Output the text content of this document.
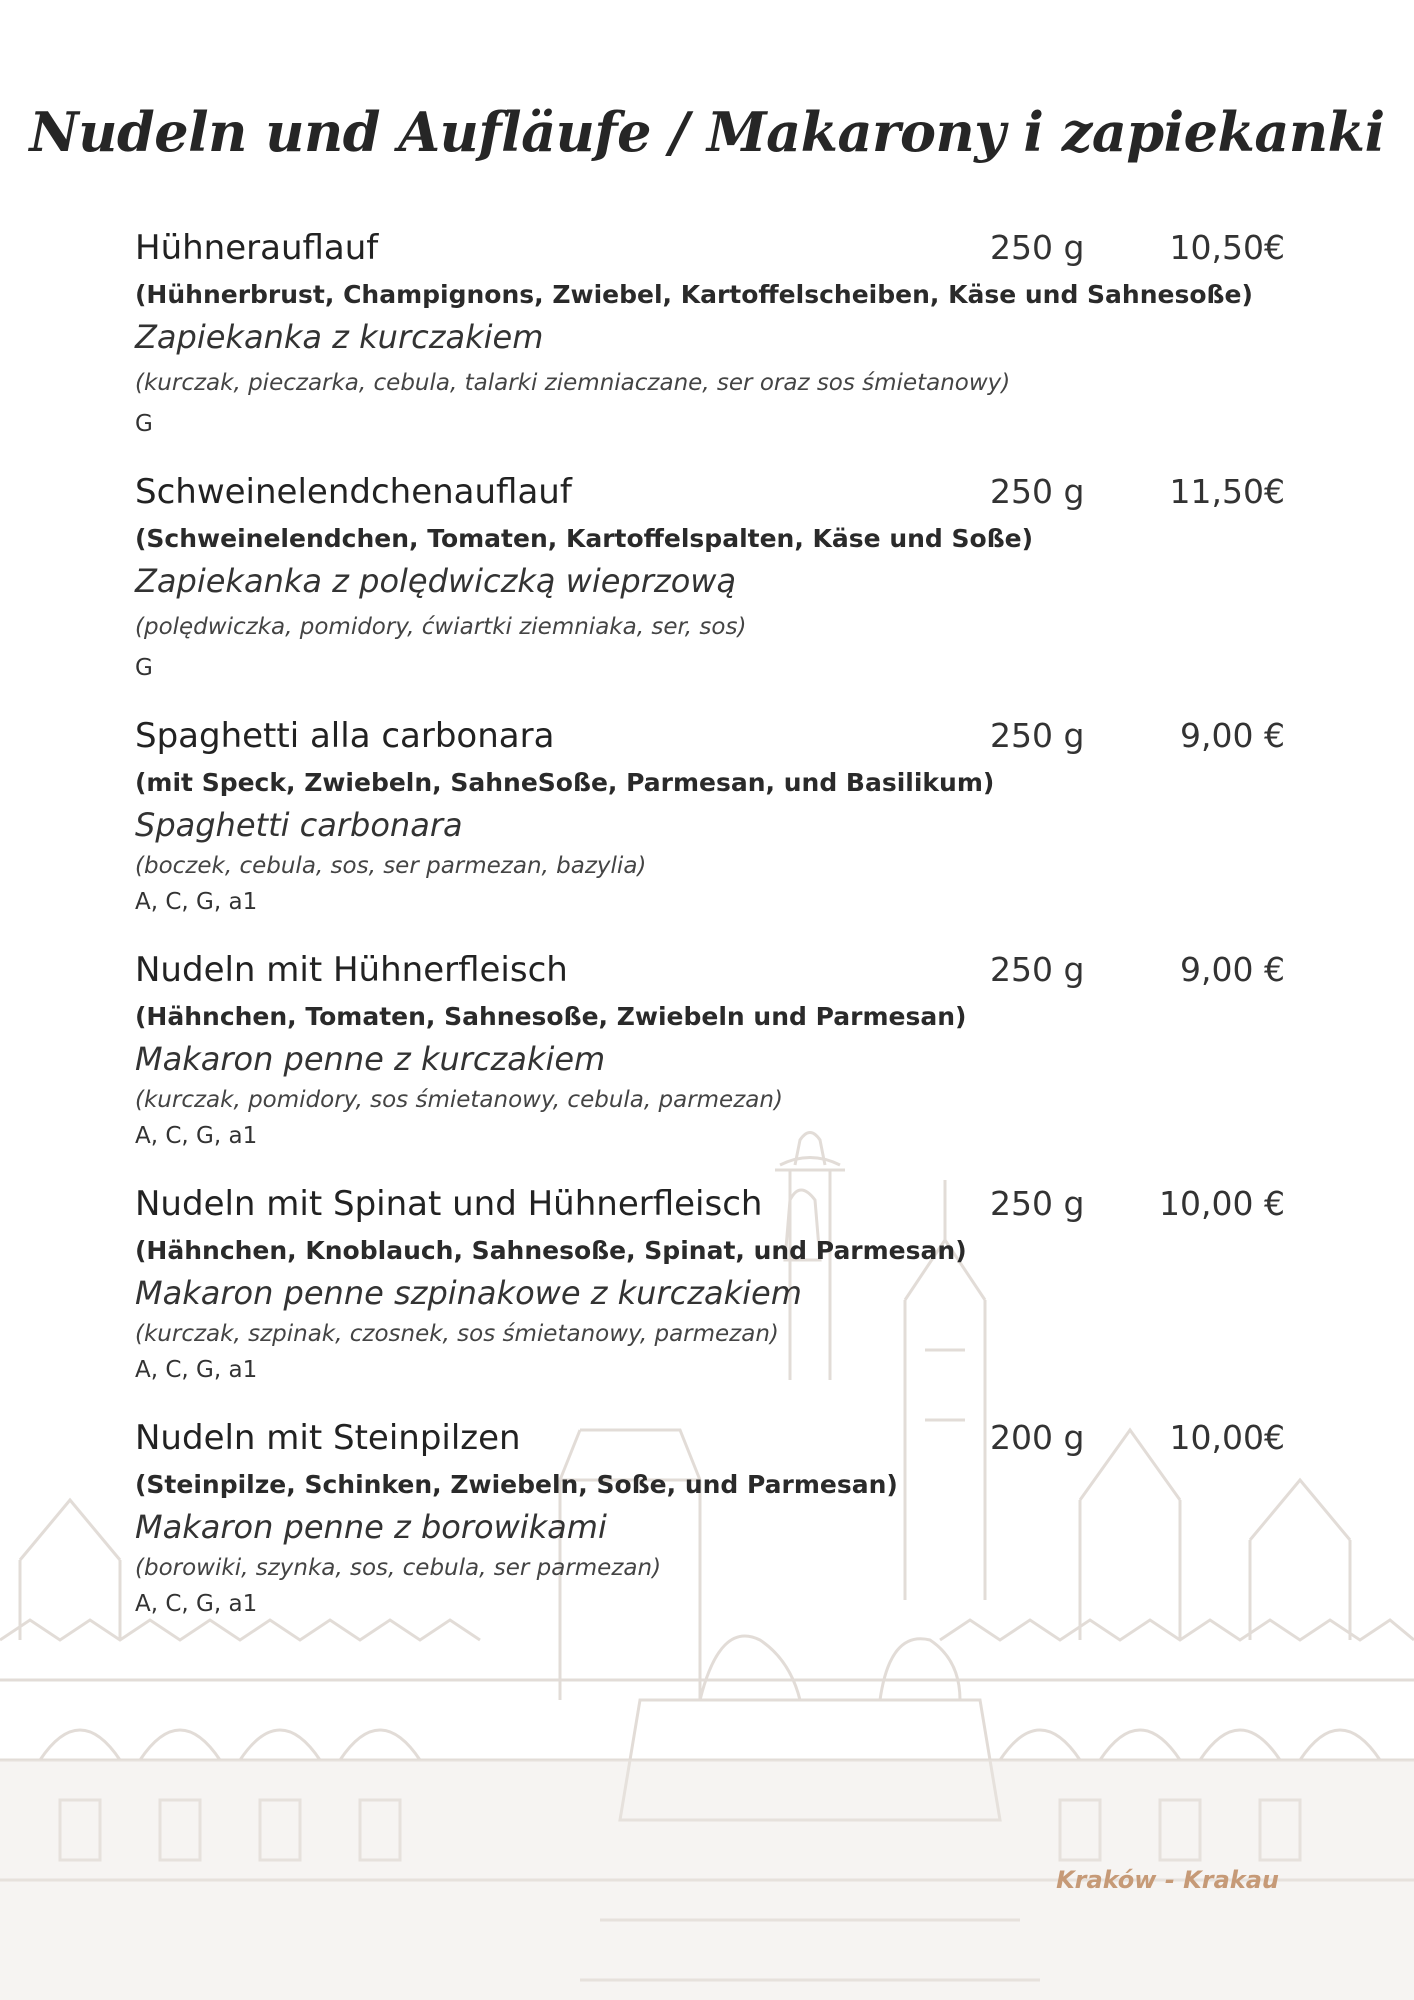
Nudeln und Aufläufe / Makarony i zapiekanki
Hühnerauflauf	250 g	10,50€
(Hühnerbrust, Champignons, Zwiebel, Kartoffelscheiben, Käse und Sahnesoße)
Zapiekanka z kurczakiem
(kurczak, pieczarka, cebula, talarki ziemniaczane, ser oraz sos śmietanowy)
G
Schweinelendchenauflauf	250 g	11,50€
(Schweinelendchen, Tomaten, Kartoffelspalten, Käse und Soße)
Zapiekanka z polędwiczką wieprzową
(polędwiczka, pomidory, ćwiartki ziemniaka, ser, sos)
G
Spaghetti alla carbonara	250 g	9,00 €
(mit Speck, Zwiebeln, SahneSoße, Parmesan, und Basilikum)
Spaghetti carbonara
(boczek, cebula, sos, ser parmezan, bazylia)
A, C, G, a1
Nudeln mit Hühnerfleisch	250 g	9,00 €
(Hähnchen, Tomaten, Sahnesoße, Zwiebeln und Parmesan)
Makaron penne z kurczakiem
(kurczak, pomidory, sos śmietanowy, cebula, parmezan)
A, C, G, a1
Nudeln mit Spinat und Hühnerfleisch	250 g 10,00 €
(Hähnchen, Knoblauch, Sahnesoße, Spinat, und Parmesan)
Makaron penne szpinakowe z kurczakiem
(kurczak, szpinak, czosnek, sos śmietanowy, parmezan)
A, C, G, a1
Nudeln mit Steinpilzen	200 g	10,00€
(Steinpilze, Schinken, Zwiebeln, Soße, und Parmesan)
Makaron penne z borowikami
(borowiki, szynka, sos, cebula, ser parmezan)
A, C, G, a1
Kraków - Krakau
